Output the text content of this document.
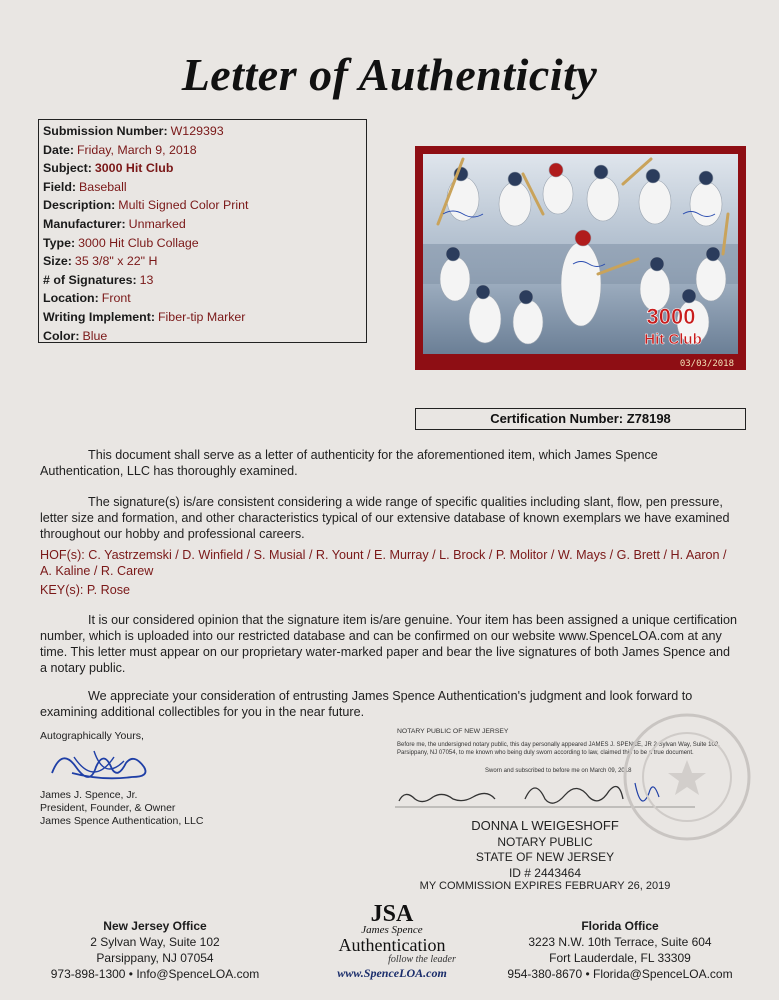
Letter of Authenticity
Submission Number: W129393
Date: Friday, March 9, 2018
Subject: 3000 Hit Club
Field: Baseball
Description: Multi Signed Color Print
Manufacturer: Unmarked
Type: 3000 Hit Club Collage
Size: 35 3/8" x 22" H
# of Signatures: 13
Location: Front
Writing Implement: Fiber-tip Marker
Color: Blue
3000
Hit Club
03/03/2018
Certification Number: Z78198
This document shall serve as a letter of authenticity for the aforementioned item, which James Spence Authentication, LLC has thoroughly examined.
The signature(s) is/are consistent considering a wide range of specific qualities including slant, flow, pen pressure, letter size and formation, and other characteristics typical of our extensive database of known exemplars we have examined throughout our hobby and professional careers.
HOF(s): C. Yastrzemski / D. Winfield / S. Musial / R. Yount / E. Murray / L. Brock / P. Molitor / W. Mays / G. Brett / H. Aaron / A. Kaline / R. Carew
KEY(s): P. Rose
It is our considered opinion that the signature item is/are genuine. Your item has been assigned a unique certification number, which is uploaded into our restricted database and can be confirmed on our website www.SpenceLOA.com at any time. This letter must appear on our proprietary water-marked paper and bear the live signatures of both James Spence and a notary public.
We appreciate your consideration of entrusting James Spence Authentication's judgment and look forward to examining additional collectibles for you in the near future.
Autographically Yours,
James J. Spence, Jr.
President, Founder, & Owner
James Spence Authentication, LLC
NOTARY PUBLIC OF NEW JERSEY
Before me, the undersigned notary public, this day personally appeared JAMES J. SPENCE, JR 2 Sylvan Way, Suite 102, Parsippany, NJ 07054, to me known who being duly sworn according to law, claimed this to be a true document.
Sworn and subscribed to before me on March 09, 2018
DONNA L WEIGESHOFF
NOTARY PUBLIC
STATE OF NEW JERSEY
ID # 2443464
MY COMMISSION EXPIRES FEBRUARY 26, 2019
New Jersey Office
2 Sylvan Way, Suite 102
Parsippany, NJ 07054
973-898-1300 • Info@SpenceLOA.com
JSA
James Spence
Authentication
follow the leader
www.SpenceLOA.com
Florida Office
3223 N.W. 10th Terrace, Suite 604
Fort Lauderdale, FL 33309
954-380-8670 • Florida@SpenceLOA.com
